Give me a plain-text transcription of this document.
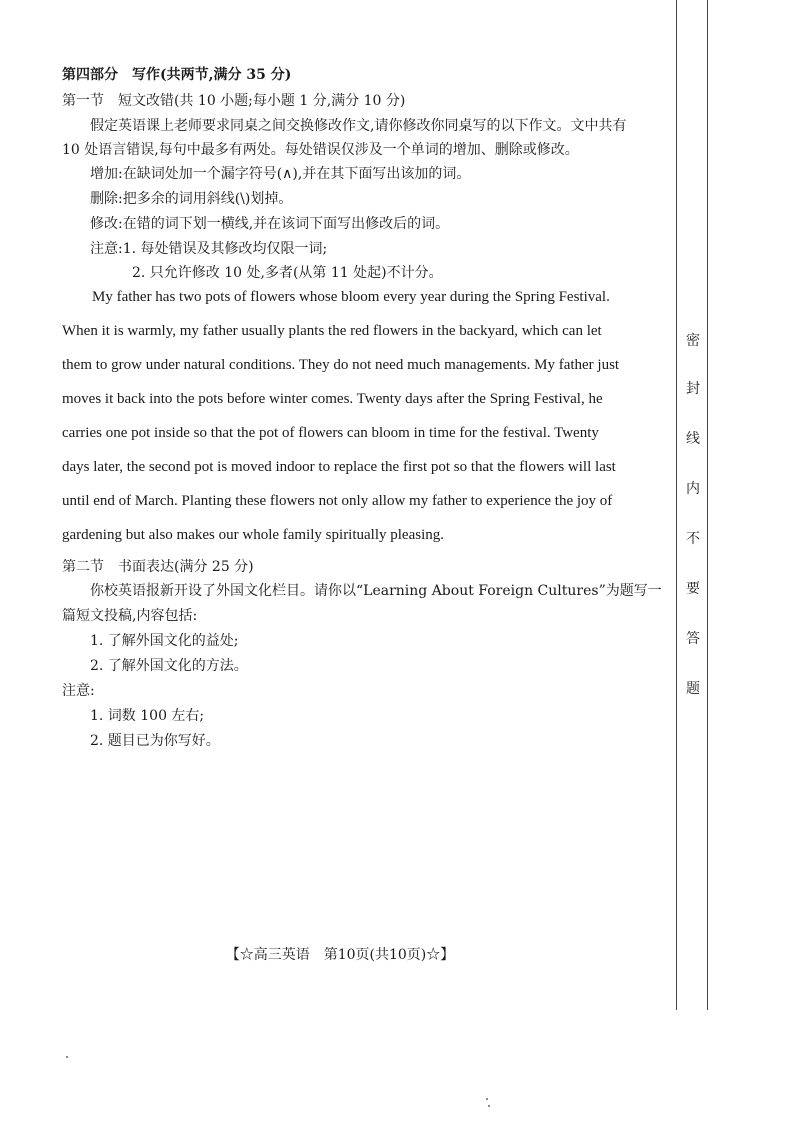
密
封
线
内
不
要
答
题
第四部分　写作(共两节,满分 35 分)
第一节　短文改错(共 10 小题;每小题 1 分,满分 10 分)
假定英语课上老师要求同桌之间交换修改作文,请你修改你同桌写的以下作文。文中共有
10 处语言错误,每句中最多有两处。每处错误仅涉及一个单词的增加、删除或修改。
增加:在缺词处加一个漏字符号(∧),并在其下面写出该加的词。
删除:把多余的词用斜线(\)划掉。
修改:在错的词下划一横线,并在该词下面写出修改后的词。
注意:1. 每处错误及其修改均仅限一词;
2. 只允许修改 10 处,多者(从第 11 处起)不计分。
My father has two pots of flowers whose bloom every year during the Spring Festival.
When it is warmly, my father usually plants the red flowers in the backyard, which can let
them to grow under natural conditions. They do not need much managements. My father just
moves it back into the pots before winter comes. Twenty days after the Spring Festival, he
carries one pot inside so that the pot of flowers can bloom in time for the festival. Twenty
days later, the second pot is moved indoor to replace the first pot so that the flowers will last
until end of March. Planting these flowers not only allow my father to experience the joy of
gardening but also makes our whole family spiritually pleasing.
第二节　书面表达(满分 25 分)
你校英语报新开设了外国文化栏目。请你以“Learning About Foreign Cultures”为题写一
篇短文投稿,内容包括:
1. 了解外国文化的益处;
2. 了解外国文化的方法。
注意:
1. 词数 100 左右;
2. 题目已为你写好。
【☆高三英语　第10页(共10页)☆】
